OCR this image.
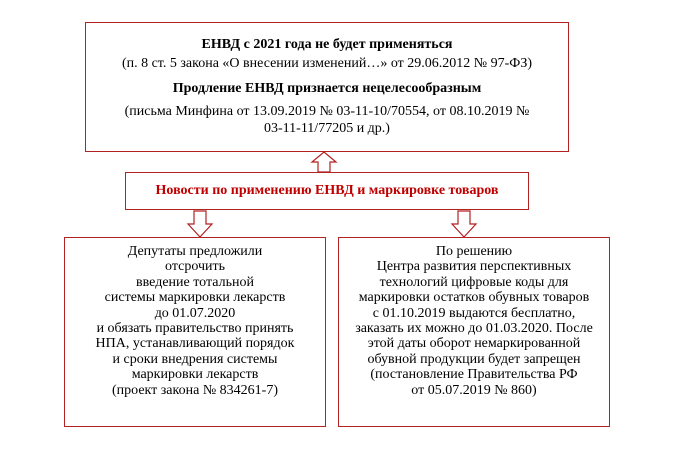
ЕНВД с 2021 года не будет применяться
(п. 8 ст. 5 закона «О внесении изменений…» от 29.06.2012 № 97-ФЗ)
Продление ЕНВД признается нецелесообразным
(письма Минфина от 13.09.2019 № 03-11-10/70554, от 08.10.2019 №
03-11-11/77205 и др.)
Новости по применению ЕНВД и маркировке товаров
Депутаты предложили
отсрочить
введение тотальной
системы маркировки лекарств
до 01.07.2020
и обязать правительство принять
НПА, устанавливающий порядок
и сроки внедрения системы
маркировки лекарств
(проект закона № 834261-7)
По решению
Центра развития перспективных
технологий цифровые коды для
маркировки остатков обувных товаров
с 01.10.2019 выдаются бесплатно,
заказать их можно до 01.03.2020. После
этой даты оборот немаркированной
обувной продукции будет запрещен
(постановление Правительства РФ
от 05.07.2019 № 860)
